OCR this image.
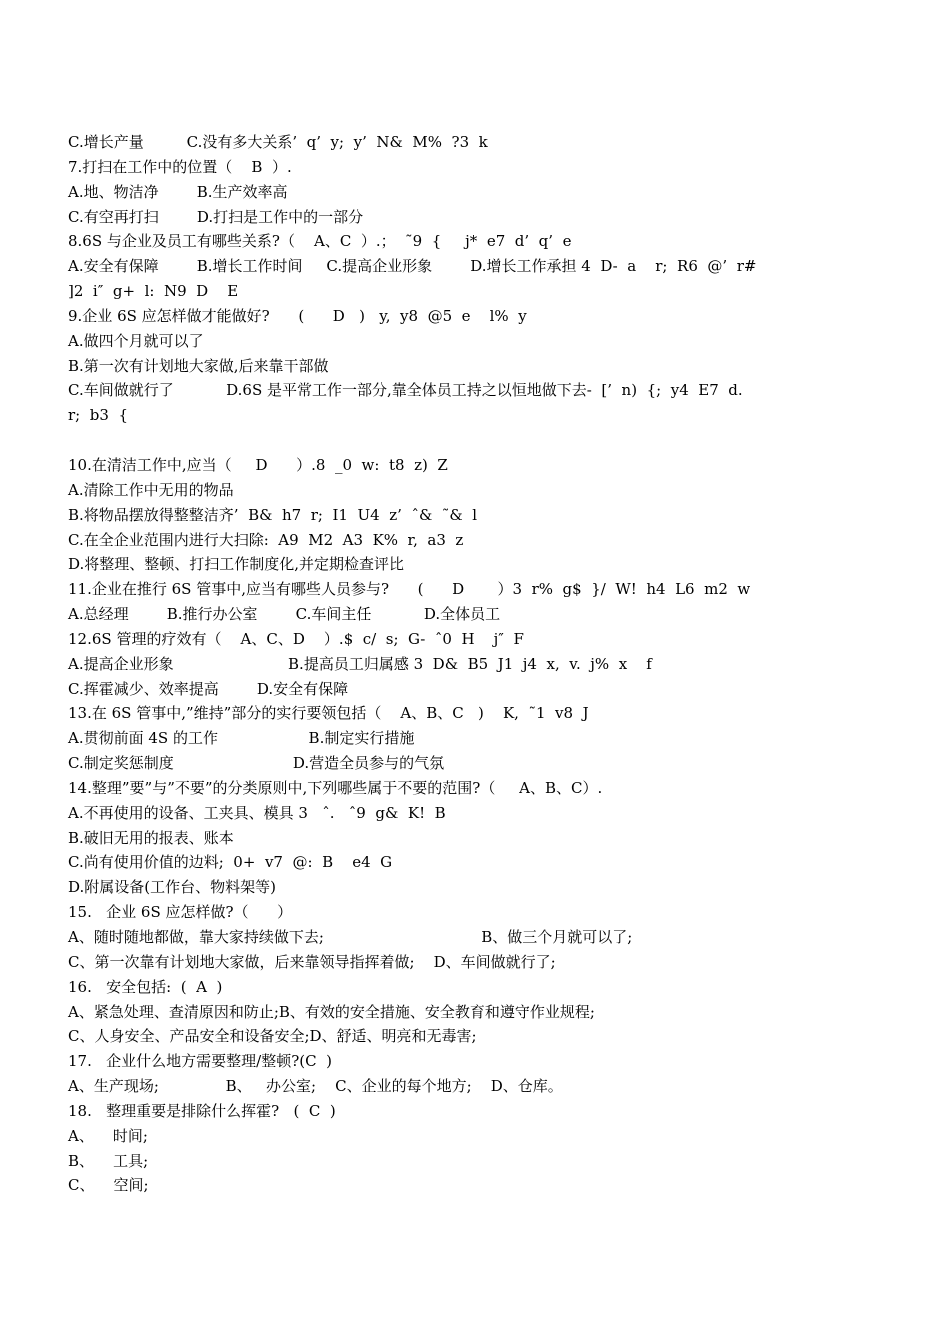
C.增长产量         C.没有多大关系’  q’  y;  y’  N&  M%  ?3  k
7.打扫在工作中的位置（    B  ）.
A.地、物洁净        B.生产效率高
C.有空再打扫        D.打扫是工作中的一部分
8.6S 与企业及员工有哪些关系?（    A、C  ）.；  ˜9  {     j*  e7  d’  q’  e
A.安全有保障        B.增长工作时间     C.提高企业形象        D.增长工作承担 4  D-  a    r;  R6  @’  r#
]2  i″  g+  l:  N9  D    E
9.企业 6S 应怎样做才能做好?      (      D   )   y,  y8  @5  e    l%  y
A.做四个月就可以了
B.第一次有计划地大家做,后来靠干部做
C.车间做就行了           D.6S 是平常工作一部分,靠全体员工持之以恒地做下去-  [’  n)  {;  y4  E7  d.
r;  b3  {
10.在清洁工作中,应当（     D      ）.8  _0  w:  t8  z)  Z
A.清除工作中无用的物品
B.将物品摆放得整整洁齐’  B&  h7  r;  I1  U4  z’  ˆ&  ˜&  l
C.在全企业范围内进行大扫除:  A9  M2  A3  K%  r,  a3  z
D.将整理、整顿、打扫工作制度化,并定期检查评比
11.企业在推行 6S 管事中,应当有哪些人员参与?      (      D       ）3  r%  g$  }/  W!  h4  L6  m2  w
A.总经理        B.推行办公室        C.车间主任           D.全体员工
12.6S 管理的疗效有（    A、C、D    ）.$  c/  s;  G-  ˆ0  H    j″  F
A.提高企业形象                        B.提高员工归属感 3  D&  B5  J1  j4  x,  v.  j%  x    f
C.挥霍减少、效率提高        D.安全有保障
13.在 6S 管事中,”维持”部分的实行要领包括（    A、B、C   )    K,  ˜1  v8  J
A.贯彻前面 4S 的工作                   B.制定实行措施
C.制定奖惩制度                         D.营造全员参与的气氛
14.整理”要”与”不要”的分类原则中,下列哪些属于不要的范围?（     A、B、C）.
A.不再使用的设备、工夹具、模具 3   ˆ.   ˆ9  g&  K!  B
B.破旧无用的报表、账本
C.尚有使用价值的边料;  0+  v7  @:  B    e4  G
D.附属设备(工作台、物料架等)
15.   企业 6S 应怎样做?（      ）
A、随时随地都做，靠大家持续做下去;                                 B、做三个月就可以了;
C、第一次靠有计划地大家做，后来靠领导指挥着做;    D、车间做就行了;
16.   安全包括:  (  A  )
A、紧急处理、查清原因和防止;B、有效的安全措施、安全教育和遵守作业规程;
C、人身安全、产品安全和设备安全;D、舒适、明亮和无毒害;
17.   企业什么地方需要整理/整顿?(C  )
A、生产现场;              B、   办公室;    C、企业的每个地方;    D、仓库。
18.   整理重要是排除什么挥霍?   (  C  )
A、    时间;
B、    工具;
C、    空间;
